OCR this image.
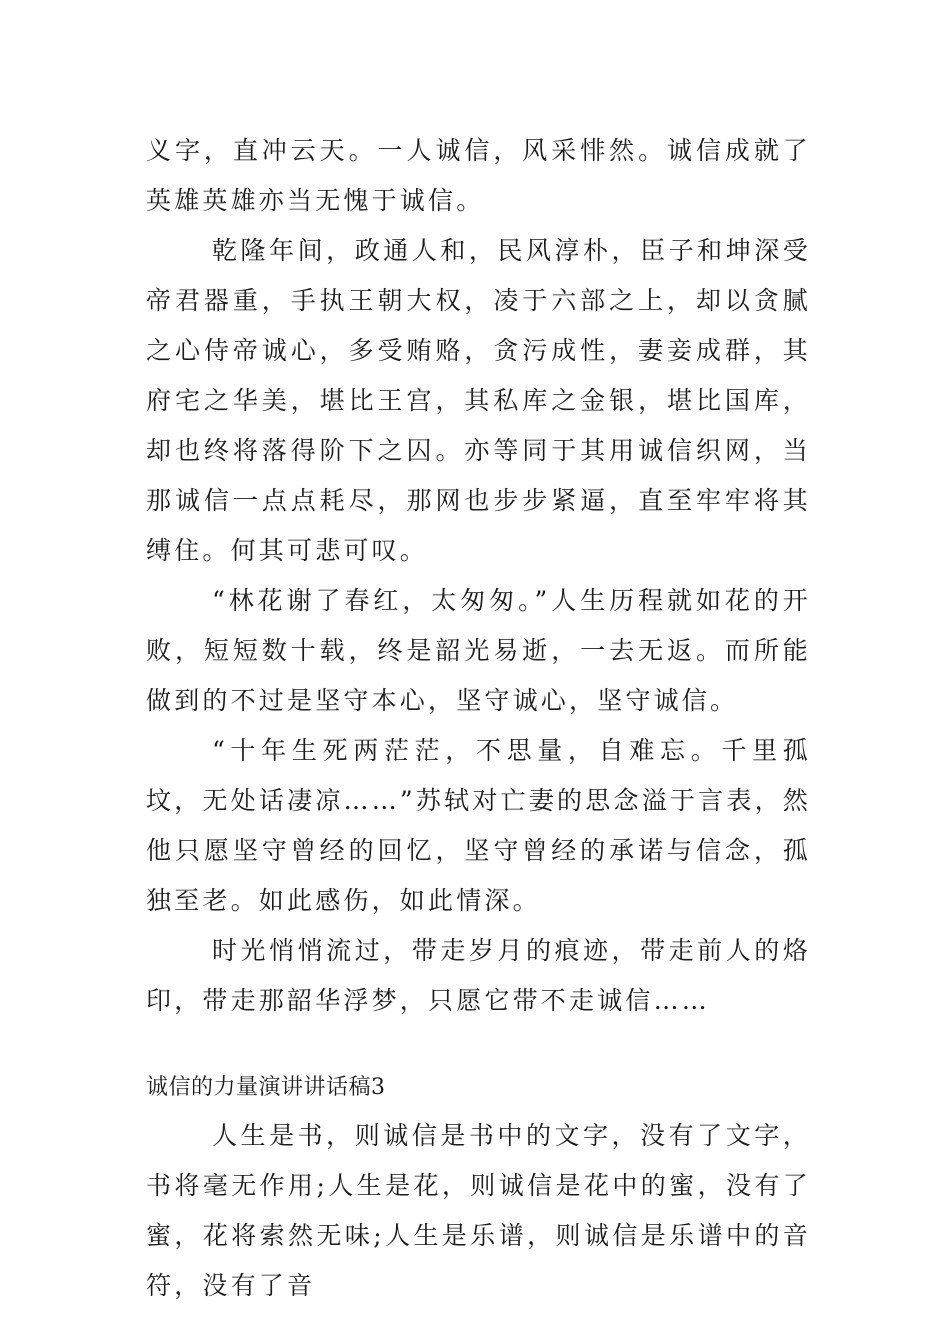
义字，直冲云天。一人诚信，风采悱然。诚信成就了英雄英雄亦当无愧于诚信。

乾隆年间，政通人和，民风淳朴，臣子和坤深受帝君器重，手执王朝大权，凌于六部之上，却以贪腻之心侍帝诚心，多受贿赂，贪污成性，妻妾成群，其府宅之华美，堪比王宫，其私库之金银，堪比国库，却也终将落得阶下之囚。亦等同于其用诚信织网，当那诚信一点点耗尽，那网也步步紧逼，直至牢牢将其缚住。何其可悲可叹。

“林花谢了春红，太匆匆。”人生历程就如花的开败，短短数十载，终是韶光易逝，一去无返。而所能做到的不过是坚守本心，坚守诚心，坚守诚信。

“十年生死两茫茫，不思量，自难忘。千里孤坟，无处话凄凉……”苏轼对亡妻的思念溢于言表，然他只愿坚守曾经的回忆，坚守曾经的承诺与信念，孤独至老。如此感伤，如此情深。

时光悄悄流过，带走岁月的痕迹，带走前人的烙印，带走那韶华浮梦，只愿它带不走诚信……

诚信的力量演讲讲话稿3

人生是书，则诚信是书中的文字，没有了文字，书将毫无作用;人生是花，则诚信是花中的蜜，没有了蜜，花将索然无味;人生是乐谱，则诚信是乐谱中的音符，没有了音
